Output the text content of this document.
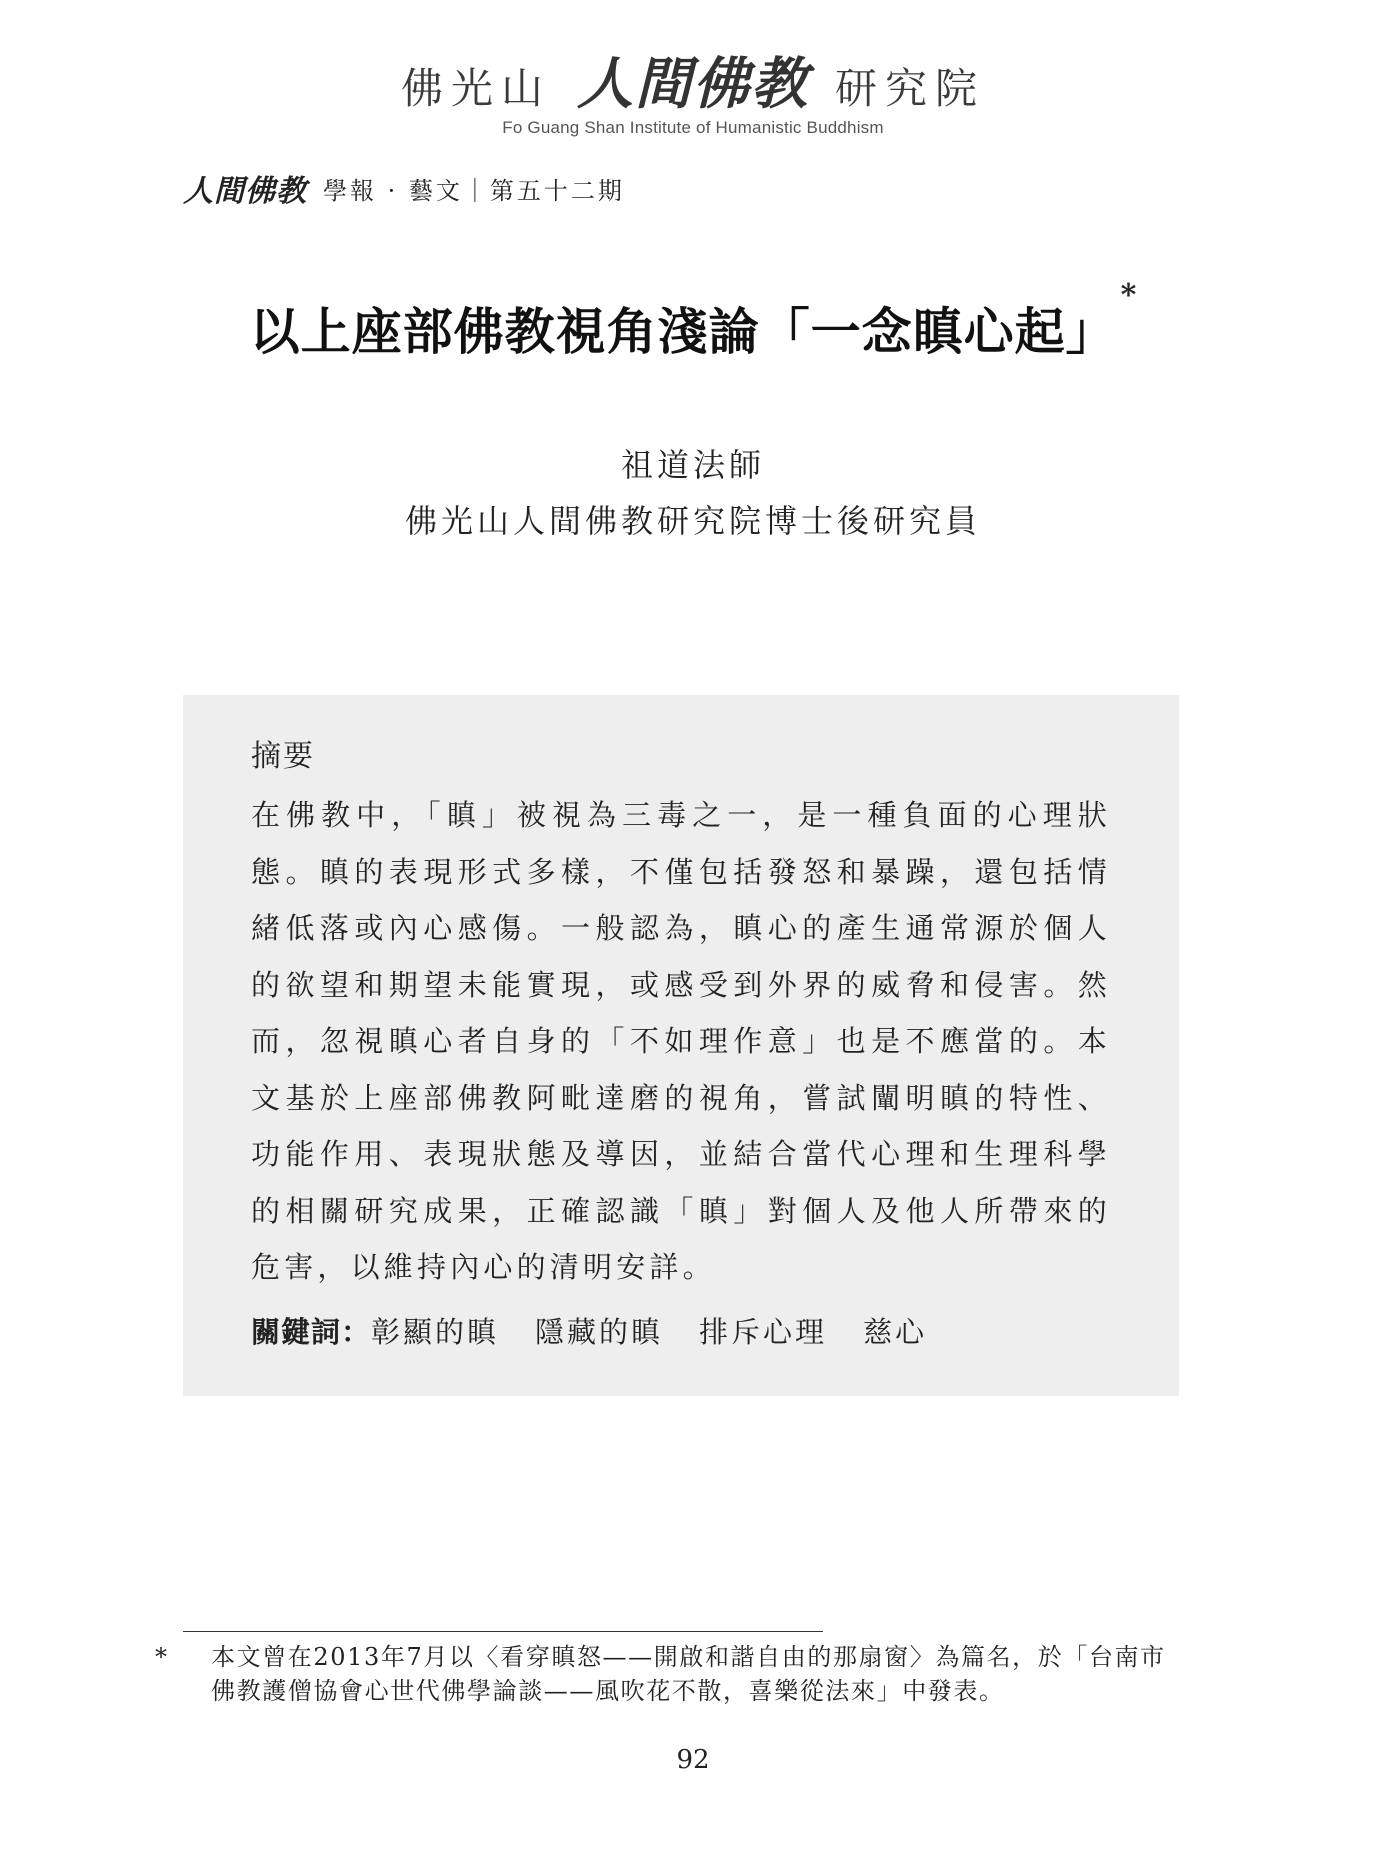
佛光山 人間佛教 研究院
Fo Guang Shan Institute of Humanistic Buddhism
人間佛教 學報 · 藝文｜第五十二期
以上座部佛教視角淺論「一念瞋心起」*
祖道法師
佛光山人間佛教研究院博士後研究員
摘要
在佛教中，「瞋」被視為三毒之一，是一種負面的心理狀態。瞋的表現形式多樣，不僅包括發怒和暴躁，還包括情緒低落或內心感傷。一般認為，瞋心的產生通常源於個人的欲望和期望未能實現，或感受到外界的威脅和侵害。然而，忽視瞋心者自身的「不如理作意」也是不應當的。本文基於上座部佛教阿毗達磨的視角，嘗試闡明瞋的特性、功能作用、表現狀態及導因，並結合當代心理和生理科學的相關研究成果，正確認識「瞋」對個人及他人所帶來的危害，以維持內心的清明安詳。
關鍵詞： 彰顯的瞋 隱藏的瞋 排斥心理 慈心
* 本文曾在2013年7月以〈看穿瞋怒——開啟和諧自由的那扇窗〉為篇名，於「台南市佛教護僧協會心世代佛學論談——風吹花不散，喜樂從法來」中發表。
92
